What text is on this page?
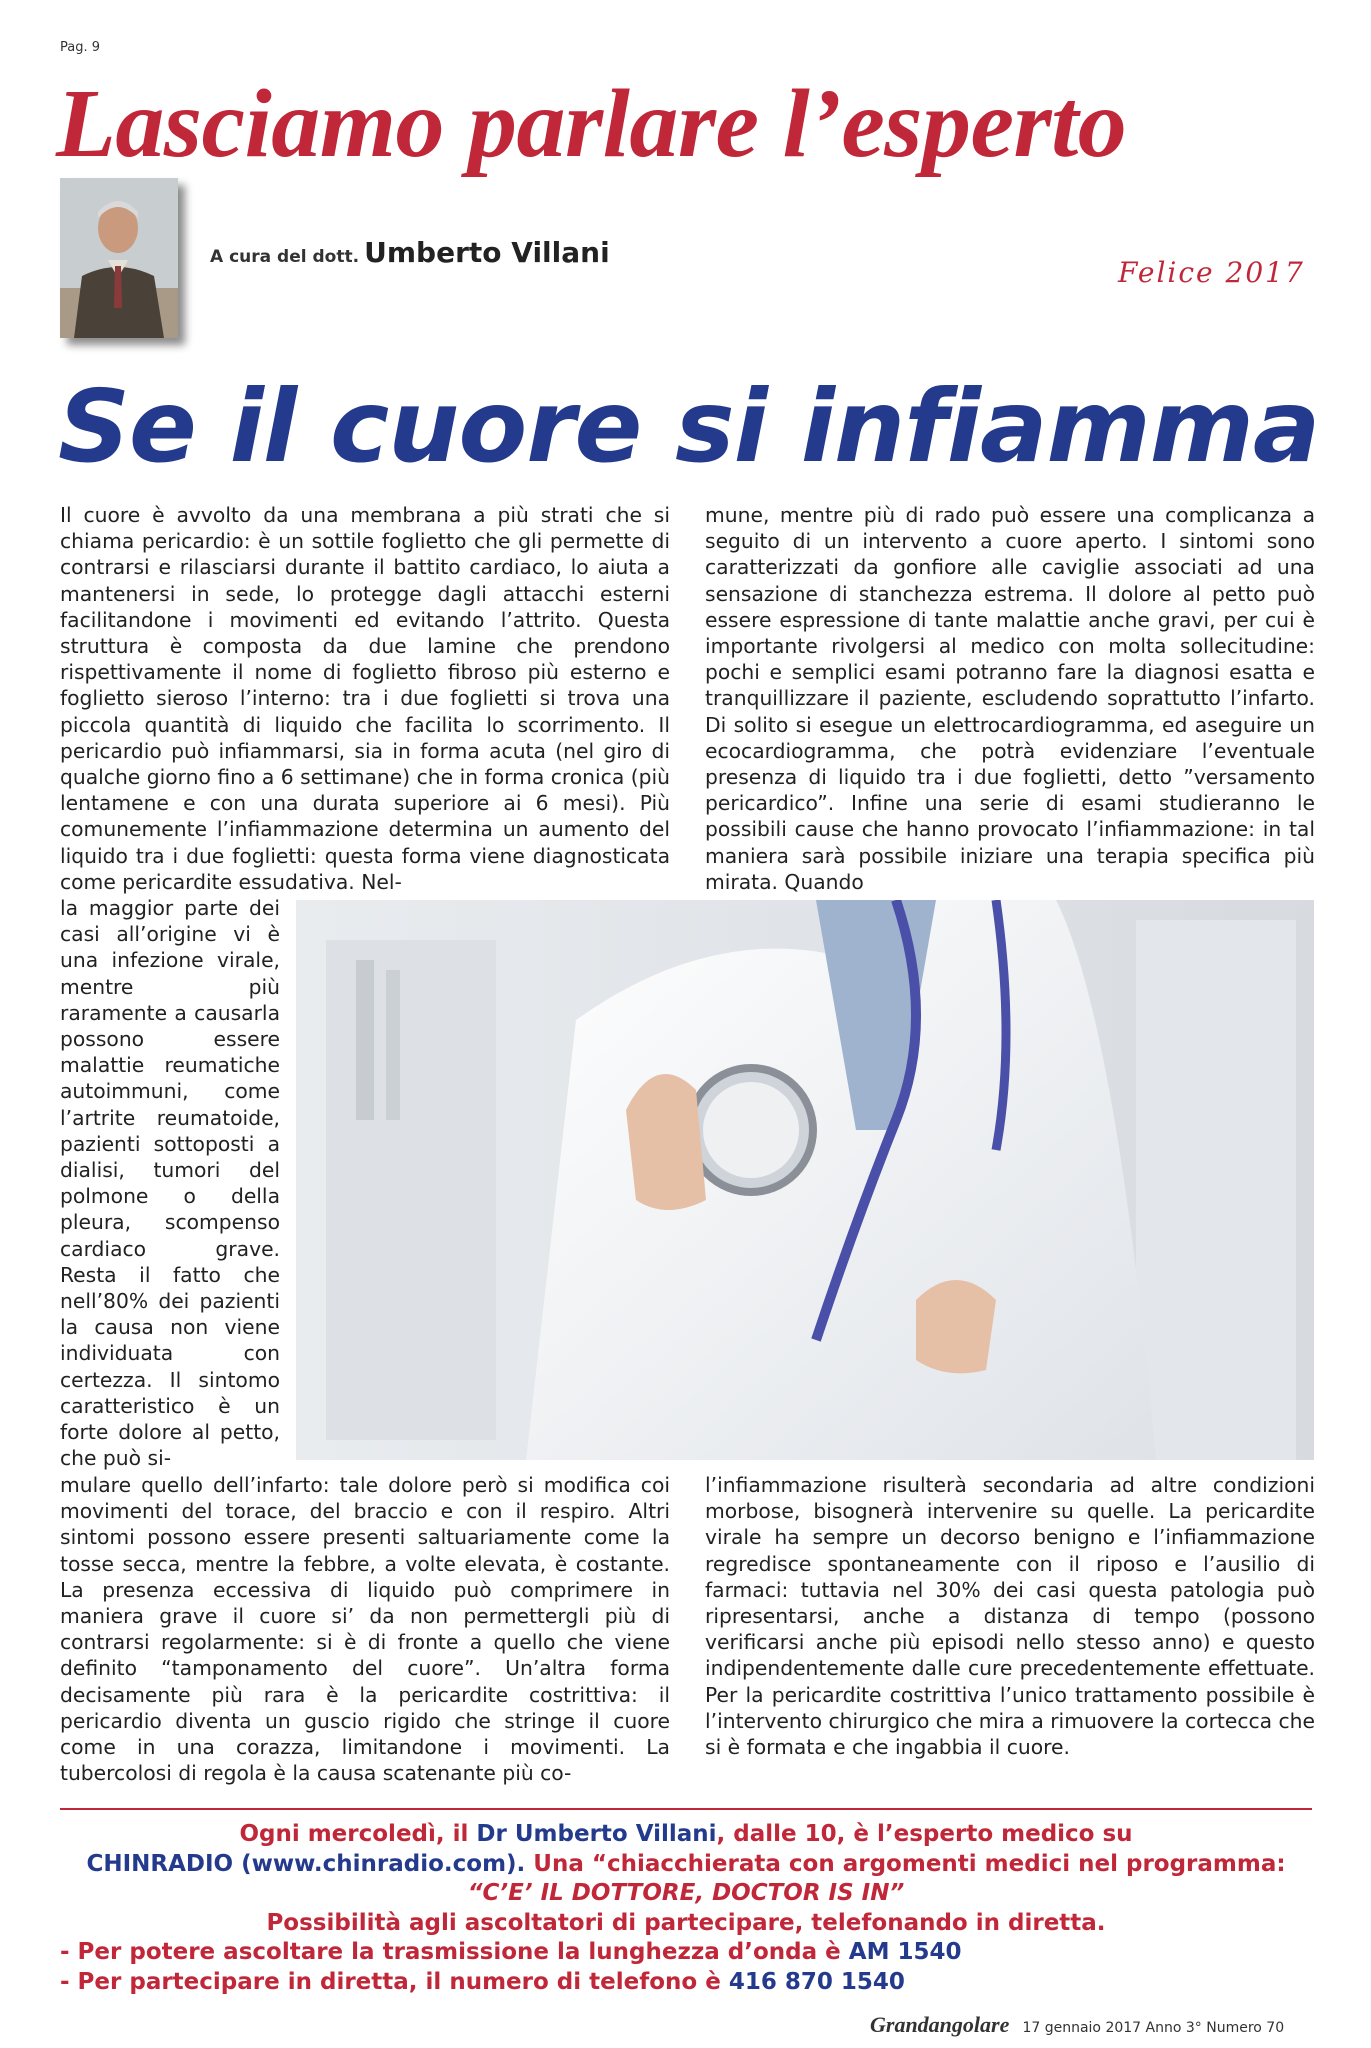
Pag. 9
Lasciamo parlare l’esperto
A cura del dott. Umberto Villani
Felice 2017
Se il cuore si infiamma

Il cuore è avvolto da una membrana a più strati che si chiama pericardio: è un sottile foglietto che gli permette di contrarsi e rilasciarsi durante il battito cardiaco, lo aiuta a mantenersi in sede, lo protegge dagli attacchi esterni facilitandone i movimenti ed evitando l’attrito. Questa struttura è composta da due lamine che prendono rispettivamente il nome di foglietto fibroso più esterno e foglietto sieroso l’interno: tra i due foglietti si trova una piccola quantità di liquido che facilita lo scorrimento. Il pericardio può infiammarsi, sia in forma acuta (nel giro di qualche giorno fino a 6 settimane) che in forma cronica (più lentamene e con una durata superiore ai 6 mesi). Più comunemente l’infiammazione determina un aumento del liquido tra i due foglietti: questa forma viene diagnosticata come pericardite essudativa. Nel-

la maggior parte dei casi all’origine vi è una infezione virale, mentre più raramente a causarla possono essere malattie reumatiche autoimmuni, come l’artrite reumatoide, pazienti sottoposti a dialisi, tumori del polmone o della pleura, scompenso cardiaco grave. Resta il fatto che nell’80% dei pazienti la causa non viene individuata con certezza. Il sintomo caratteristico è un forte dolore al petto, che può si-

mulare quello dell’infarto: tale dolore però si modifica coi movimenti del torace, del braccio e con il respiro. Altri sintomi possono essere presenti saltuariamente come la tosse secca, mentre la febbre, a volte elevata, è costante. La presenza eccessiva di liquido può comprimere in maniera grave il cuore si’ da non permettergli più di contrarsi regolarmente: si è di fronte a quello che viene definito “tamponamento del cuore”. Un’altra forma decisamente più rara è la pericardite costrittiva: il pericardio diventa un guscio rigido che stringe il cuore come in una corazza, limitandone i movimenti. La tubercolosi di regola è la causa scatenante più co-

mune, mentre più di rado può essere una complicanza a seguito di un intervento a cuore aperto. I sintomi sono caratterizzati da gonfiore alle caviglie associati ad una sensazione di stanchezza estrema. Il dolore al petto può essere espressione di tante malattie anche gravi, per cui è importante rivolgersi al medico con molta sollecitudine: pochi e semplici esami potranno fare la diagnosi esatta e tranquillizzare il paziente, escludendo soprattutto l’infarto. Di solito si esegue un elettrocardiogramma, ed aseguire un ecocardiogramma, che potrà evidenziare l’eventuale presenza di liquido tra i due foglietti, detto ”versamento pericardico”. Infine una serie di esami studieranno le possibili cause che hanno provocato l’infiammazione: in tal maniera sarà possibile iniziare una terapia specifica più mirata. Quando

l’infiammazione risulterà secondaria ad altre condizioni morbose, bisognerà intervenire su quelle. La pericardite virale ha sempre un decorso benigno e l’infiammazione regredisce spontaneamente con il riposo e l’ausilio di farmaci: tuttavia nel 30% dei casi questa patologia può ripresentarsi, anche a distanza di tempo (possono verificarsi anche più episodi nello stesso anno) e questo indipendentemente dalle cure precedentemente effettuate. Per la pericardite costrittiva l’unico trattamento possibile è l’intervento chirurgico che mira a rimuovere la cortecca che si è formata e che ingabbia il cuore.

Ogni mercoledì, il Dr Umberto Villani, dalle 10, è l’esperto medico su
CHINRADIO (www.chinradio.com). Una “chiacchierata con argomenti medici nel programma:
“C’E’ IL DOTTORE, DOCTOR IS IN”
Possibilità agli ascoltatori di partecipare, telefonando in diretta.
- Per potere ascoltare la trasmissione la lunghezza d’onda è AM 1540
- Per partecipare in diretta, il numero di telefono è 416 870 1540
Grandangolare 17 gennaio 2017 Anno 3° Numero 70
